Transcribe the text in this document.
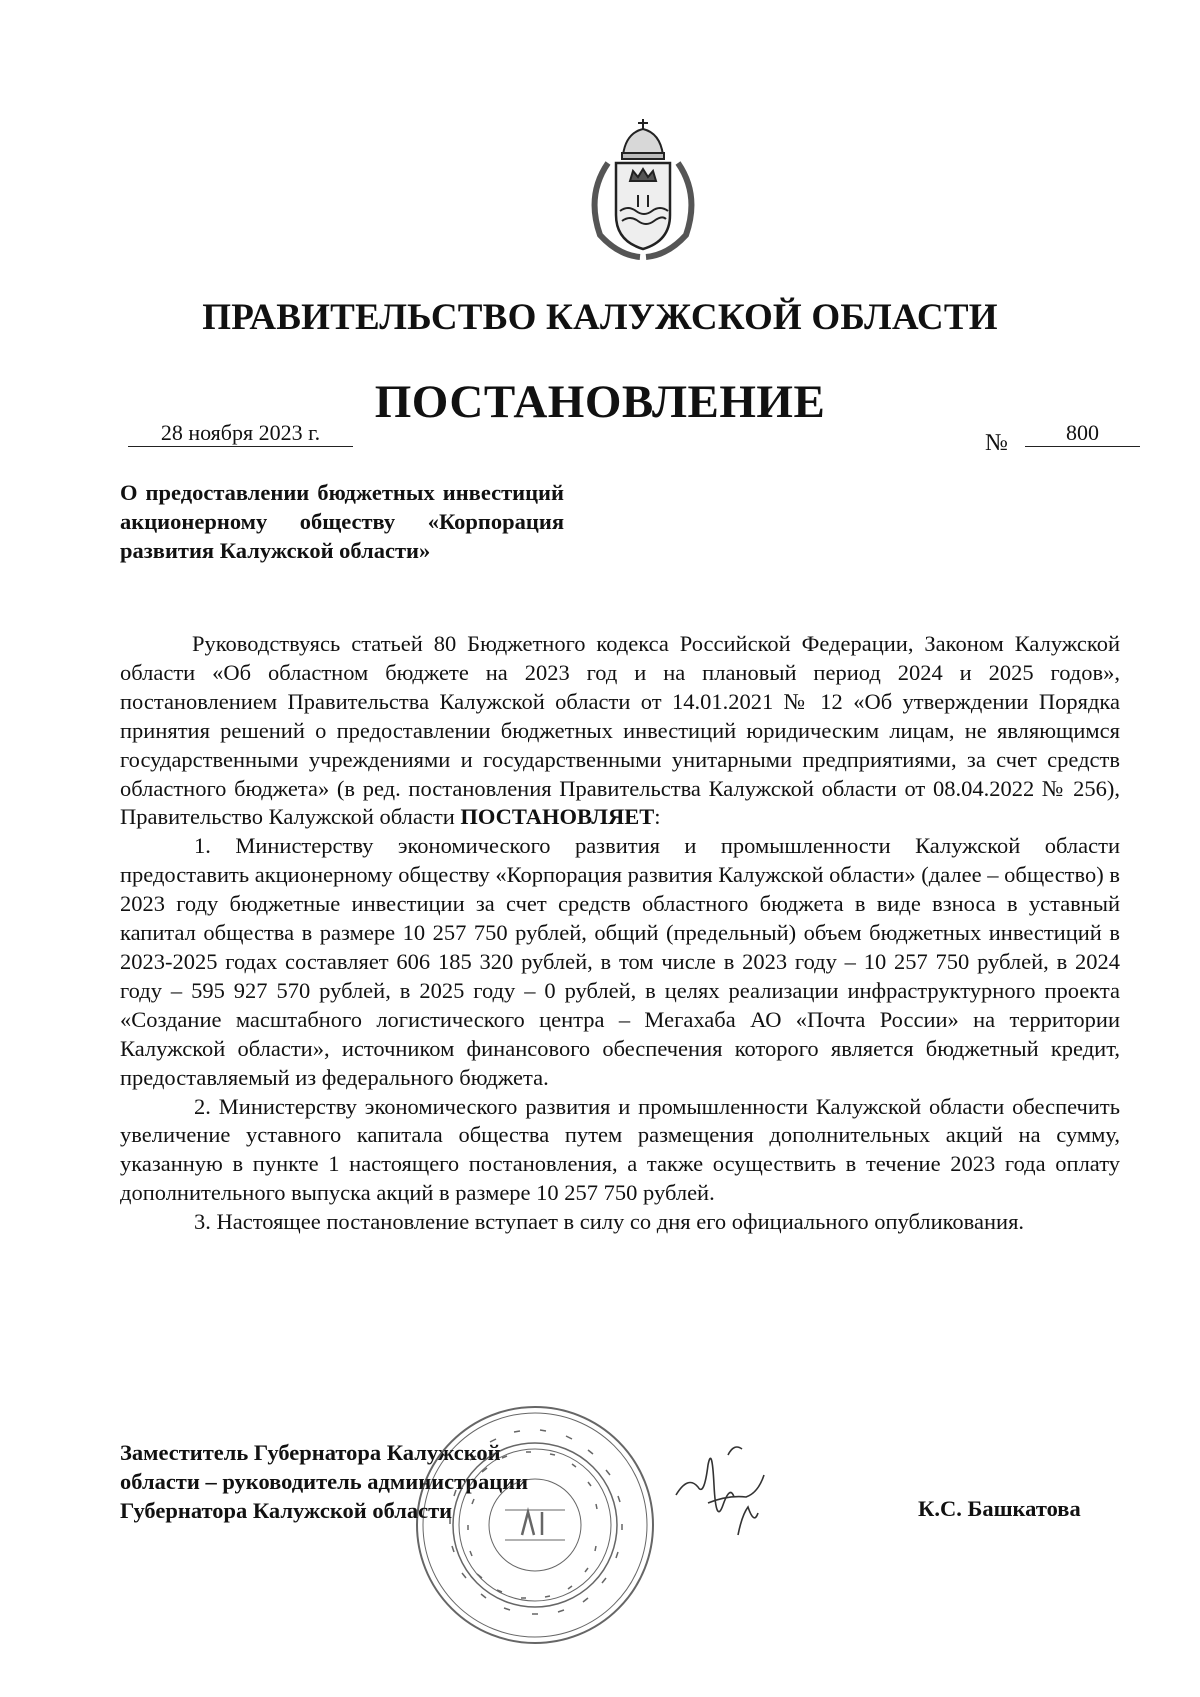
ПРАВИТЕЛЬСТВО КАЛУЖСКОЙ ОБЛАСТИ
ПОСТАНОВЛЕНИЕ
28 ноября 2023 г.	№	800

О предоставлении бюджетных инвестиций акционерному обществу «Корпорация развития Калужской области»

Руководствуясь статьей 80 Бюджетного кодекса Российской Федерации, Законом Калужской области «Об областном бюджете на 2023 год и на плановый период 2024 и 2025 годов», постановлением Правительства Калужской области от 14.01.2021 № 12 «Об утверждении Порядка принятия решений о предоставлении бюджетных инвестиций юридическим лицам, не являющимся государственными учреждениями и государственными унитарными предприятиями, за счет средств областного бюджета» (в ред. постановления Правительства Калужской области от 08.04.2022 № 256), Правительство Калужской области ПОСТАНОВЛЯЕТ:

1. Министерству экономического развития и промышленности Калужской области предоставить акционерному обществу «Корпорация развития Калужской области» (далее – общество) в 2023 году бюджетные инвестиции за счет средств областного бюджета в виде взноса в уставный капитал общества в размере 10 257 750 рублей, общий (предельный) объем бюджетных инвестиций в 2023-2025 годах составляет 606 185 320 рублей, в том числе в 2023 году – 10 257 750 рублей, в 2024 году – 595 927 570 рублей, в 2025 году – 0 рублей, в целях реализации инфраструктурного проекта «Создание масштабного логистического центра – Мегахаба АО «Почта России» на территории Калужской области», источником финансового обеспечения которого является бюджетный кредит, предоставляемый из федерального бюджета.

2. Министерству экономического развития и промышленности Калужской области обеспечить увеличение уставного капитала общества путем размещения дополнительных акций на сумму, указанную в пункте 1 настоящего постановления, а также осуществить в течение 2023 года оплату дополнительного выпуска акций в размере 10 257 750 рублей.

3. Настоящее постановление вступает в силу со дня его официального опубликования.

Заместитель Губернатора Калужской
области – руководитель администрации
Губернатора Калужской области	К.С. Башкатова
